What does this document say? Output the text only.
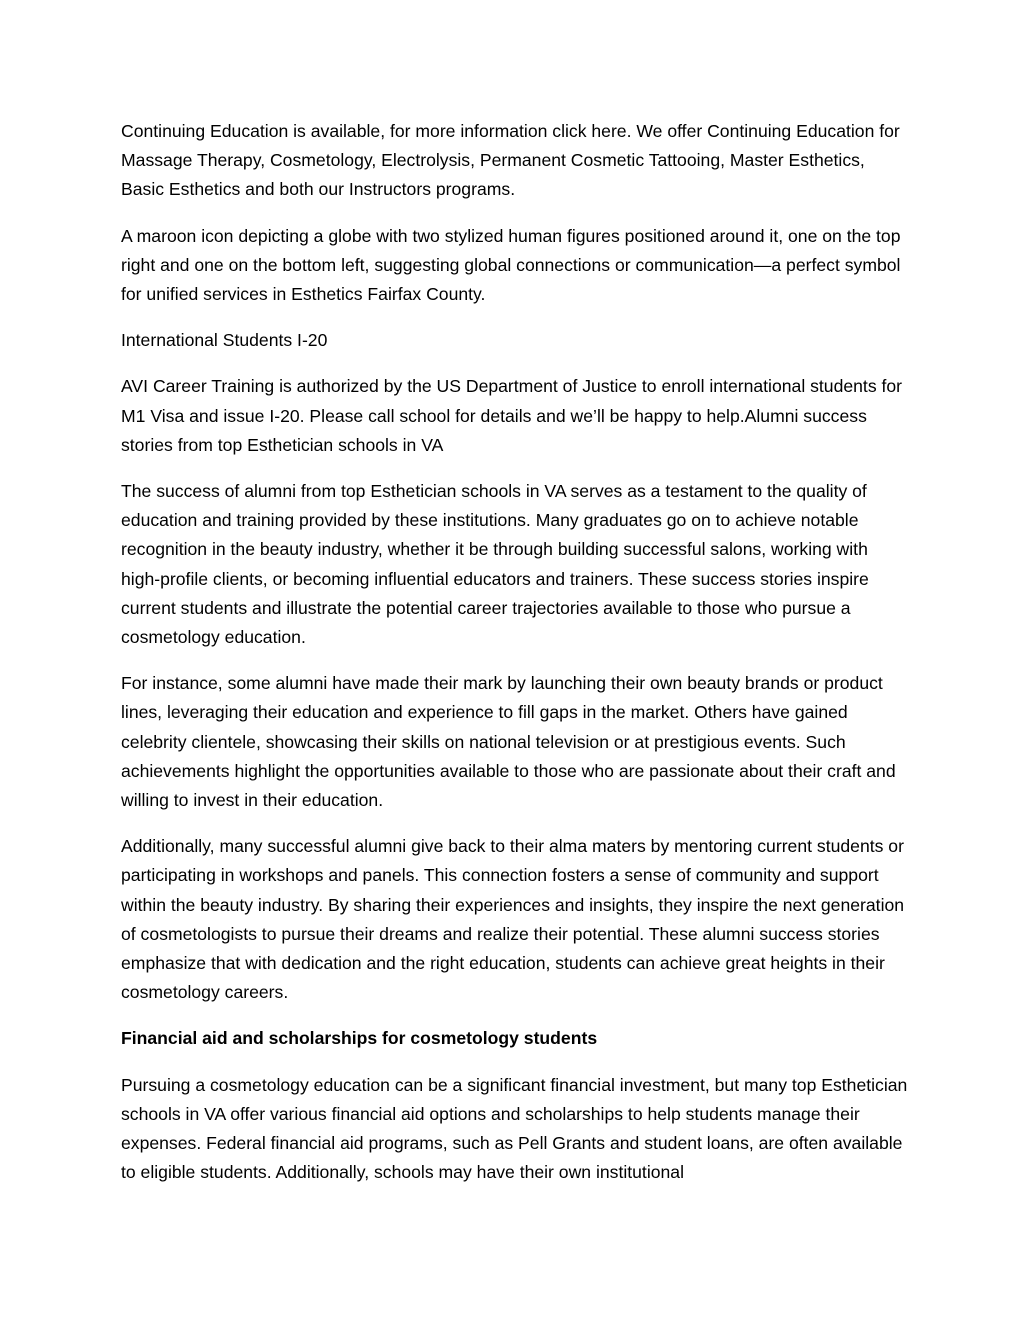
Continuing Education is available, for more information click here. We offer Continuing Education for Massage Therapy, Cosmetology, Electrolysis, Permanent Cosmetic Tattooing, Master Esthetics, Basic Esthetics and both our Instructors programs.

A maroon icon depicting a globe with two stylized human figures positioned around it, one on the top right and one on the bottom left, suggesting global connections or communication—a perfect symbol for unified services in Esthetics Fairfax County.

International Students I-20

AVI Career Training is authorized by the US Department of Justice to enroll international students for M1 Visa and issue I-20. Please call school for details and we’ll be happy to help.Alumni success stories from top Esthetician schools in VA

The success of alumni from top Esthetician schools in VA serves as a testament to the quality of education and training provided by these institutions. Many graduates go on to achieve notable recognition in the beauty industry, whether it be through building successful salons, working with high-profile clients, or becoming influential educators and trainers. These success stories inspire current students and illustrate the potential career trajectories available to those who pursue a cosmetology education.

For instance, some alumni have made their mark by launching their own beauty brands or product lines, leveraging their education and experience to fill gaps in the market. Others have gained celebrity clientele, showcasing their skills on national television or at prestigious events. Such achievements highlight the opportunities available to those who are passionate about their craft and willing to invest in their education.

Additionally, many successful alumni give back to their alma maters by mentoring current students or participating in workshops and panels. This connection fosters a sense of community and support within the beauty industry. By sharing their experiences and insights, they inspire the next generation of cosmetologists to pursue their dreams and realize their potential. These alumni success stories emphasize that with dedication and the right education, students can achieve great heights in their cosmetology careers.

Financial aid and scholarships for cosmetology students

Pursuing a cosmetology education can be a significant financial investment, but many top Esthetician schools in VA offer various financial aid options and scholarships to help students manage their expenses. Federal financial aid programs, such as Pell Grants and student loans, are often available to eligible students. Additionally, schools may have their own institutional
